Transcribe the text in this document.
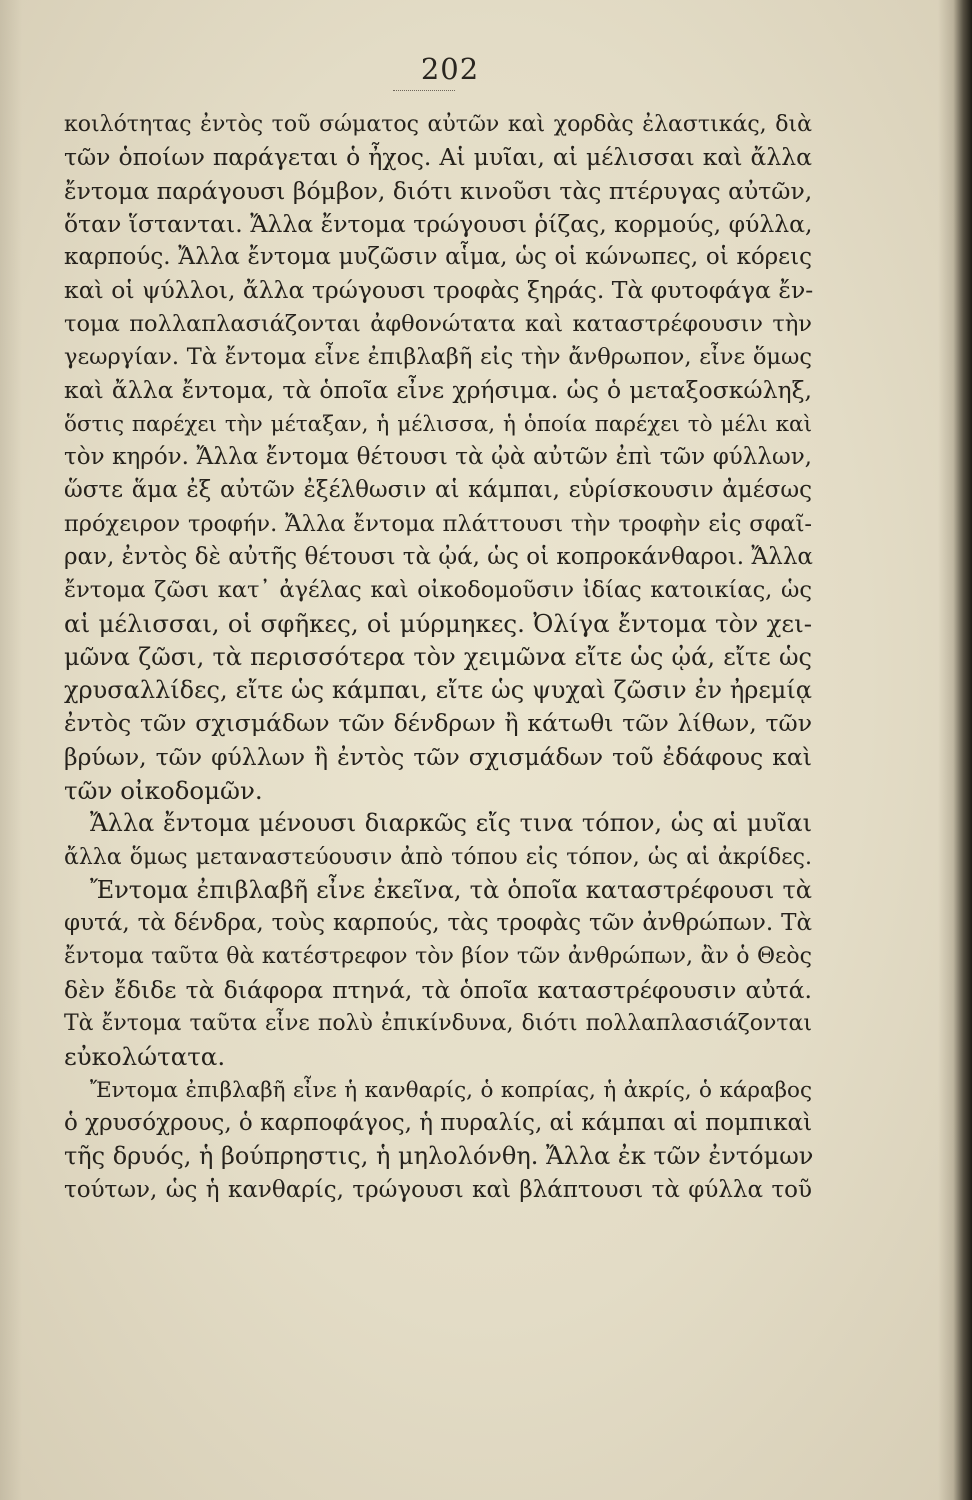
202
κοιλότητας ἐντὸς τοῦ σώματος αὐτῶν καὶ χορδὰς ἐλαστικάς, διὰ
τῶν ὁποίων παράγεται ὁ ἦχος. Αἱ μυῖαι, αἱ μέλισσαι καὶ ἄλλα
ἔντομα παράγουσι βόμβον, διότι κινοῦσι τὰς πτέρυγας αὐτῶν,
ὅταν ἵστανται. Ἄλλα ἔντομα τρώγουσι ῥίζας, κορμούς, φύλλα,
καρπούς. Ἄλλα ἔντομα μυζῶσιν αἷμα, ὡς οἱ κώνωπες, οἱ κόρεις
καὶ οἱ ψύλλοι, ἄλλα τρώγουσι τροφὰς ξηράς. Τὰ φυτοφάγα ἔν-
τομα πολλαπλασιάζονται ἀφθονώτατα καὶ καταστρέφουσιν τὴν
γεωργίαν. Τὰ ἔντομα εἶνε ἐπιβλαβῆ εἰς τὴν ἄνθρωπον, εἶνε ὅμως
καὶ ἄλλα ἔντομα, τὰ ὁποῖα εἶνε χρήσιμα. ὡς ὁ μεταξοσκώληξ,
ὅστις παρέχει τὴν μέταξαν, ἡ μέλισσα, ἡ ὁποία παρέχει τὸ μέλι καὶ
τὸν κηρόν. Ἄλλα ἔντομα θέτουσι τὰ ᾠὰ αὐτῶν ἐπὶ τῶν φύλλων,
ὥστε ἅμα ἐξ αὐτῶν ἐξέλθωσιν αἱ κάμπαι, εὑρίσκουσιν ἀμέσως
πρόχειρον τροφήν. Ἄλλα ἔντομα πλάττουσι τὴν τροφὴν εἰς σφαῖ-
ραν, ἐντὸς δὲ αὐτῆς θέτουσι τὰ ᾠά, ὡς οἱ κοπροκάνθαροι. Ἄλλα
ἔντομα ζῶσι κατ᾽ ἀγέλας καὶ οἰκοδομοῦσιν ἰδίας κατοικίας, ὡς
αἱ μέλισσαι, οἱ σφῆκες, οἱ μύρμηκες. Ὀλίγα ἔντομα τὸν χει-
μῶνα ζῶσι, τὰ περισσότερα τὸν χειμῶνα εἴτε ὡς ᾠά, εἴτε ὡς
χρυσαλλίδες, εἴτε ὡς κάμπαι, εἴτε ὡς ψυχαὶ ζῶσιν ἐν ἠρεμίᾳ
ἐντὸς τῶν σχισμάδων τῶν δένδρων ἢ κάτωθι τῶν λίθων, τῶν
βρύων, τῶν φύλλων ἢ ἐντὸς τῶν σχισμάδων τοῦ ἐδάφους καὶ
τῶν οἰκοδομῶν.
Ἄλλα ἔντομα μένουσι διαρκῶς εἴς τινα τόπον, ὡς αἱ μυῖαι
ἄλλα ὅμως μεταναστεύουσιν ἀπὸ τόπου εἰς τόπον, ὡς αἱ ἀκρίδες.
Ἔντομα ἐπιβλαβῆ εἶνε ἐκεῖνα, τὰ ὁποῖα καταστρέφουσι τὰ
φυτά, τὰ δένδρα, τοὺς καρπούς, τὰς τροφὰς τῶν ἀνθρώπων. Τὰ
ἔντομα ταῦτα θὰ κατέστρεφον τὸν βίον τῶν ἀνθρώπων, ἂν ὁ Θεὸς
δὲν ἔδιδε τὰ διάφορα πτηνά, τὰ ὁποῖα καταστρέφουσιν αὐτά.
Τὰ ἔντομα ταῦτα εἶνε πολὺ ἐπικίνδυνα, διότι πολλαπλασιάζονται
εὐκολώτατα.
Ἔντομα ἐπιβλαβῆ εἶνε ἡ κανθαρίς, ὁ κοπρίας, ἡ ἀκρίς, ὁ κάραβος
ὁ χρυσόχρους, ὁ καρποφάγος, ἡ πυραλίς, αἱ κάμπαι αἱ πομπικαὶ
τῆς δρυός, ἡ βούπρηστις, ἡ μηλολόνθη. Ἄλλα ἐκ τῶν ἐντόμων
τούτων, ὡς ἡ κανθαρίς, τρώγουσι καὶ βλάπτουσι τὰ φύλλα τοῦ
